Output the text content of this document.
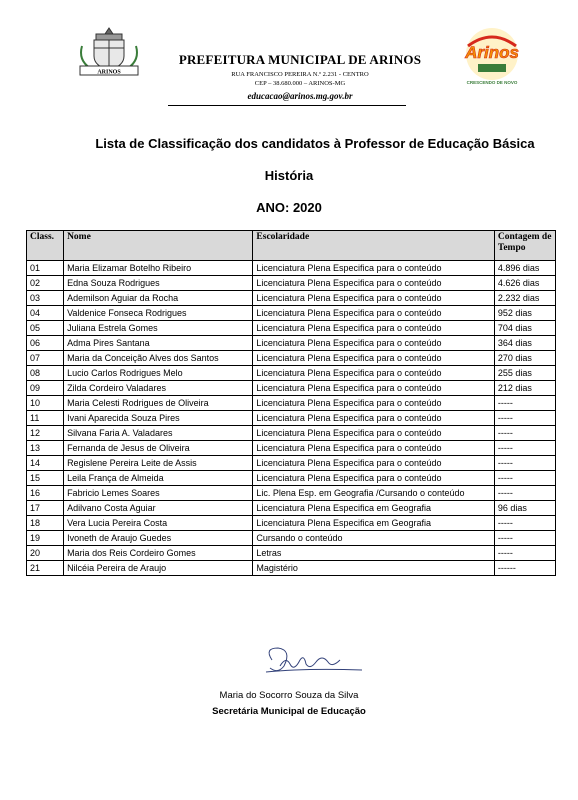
ARINOS
PREFEITURA MUNICIPAL DE ARINOS
RUA FRANCISCO PEREIRA N.º 2.231 - CENTRO
CEP – 38.680.000 – ARINOS-MG
educacao@arinos.mg.gov.br
Arinos
CRESCENDO DE NOVO
Lista de Classificação dos candidatos à Professor de Educação Básica
História
ANO: 2020
Class.	Nome	Escolaridade	Contagem de Tempo
01	Maria Elizamar Botelho Ribeiro	Licenciatura Plena Especifica para o conteúdo	4.896 dias
02	Edna Souza Rodrigues	Licenciatura Plena Especifica para o conteúdo	4.626 dias
03	Ademilson Aguiar da Rocha	Licenciatura Plena Especifica para o conteúdo	2.232 dias
04	Valdenice Fonseca Rodrigues	Licenciatura Plena Especifica para o conteúdo	952 dias
05	Juliana Estrela Gomes	Licenciatura Plena Especifica para o conteúdo	704 dias
06	Adma Pires Santana	Licenciatura Plena Especifica para o conteúdo	364 dias
07	Maria da Conceição Alves dos Santos	Licenciatura Plena Especifica para o conteúdo	270 dias
08	Lucio Carlos Rodrigues Melo	Licenciatura Plena Especifica para o conteúdo	255 dias
09	Zilda Cordeiro Valadares	Licenciatura Plena Especifica para o conteúdo	212 dias
10	Maria Celesti Rodrigues de Oliveira	Licenciatura Plena Especifica para o conteúdo	-----
11	Ivani Aparecida Souza Pires	Licenciatura Plena Especifica para o conteúdo	-----
12	Silvana Faria A. Valadares	Licenciatura Plena Especifica para o conteúdo	-----
13	Fernanda de Jesus de Oliveira	Licenciatura Plena Especifica para o conteúdo	-----
14	Regislene Pereira Leite de Assis	Licenciatura Plena Especifica para o conteúdo	-----
15	Leila França de Almeida	Licenciatura Plena Especifica para o conteúdo	-----
16	Fabricio Lemes Soares	Lic. Plena Esp. em Geografia /Cursando o conteúdo	-----
17	Adilvano Costa Aguiar	Licenciatura Plena Especifica em Geografia	96 dias
18	Vera Lucia Pereira Costa	Licenciatura Plena Especifica em Geografia	-----
19	Ivoneth de Araujo Guedes	Cursando o conteúdo	-----
20	Maria dos Reis Cordeiro Gomes	Letras	-----
21	Nilcéia Pereira de Araujo	Magistério	------
Maria do Socorro Souza da Silva
Secretária Municipal de Educação
